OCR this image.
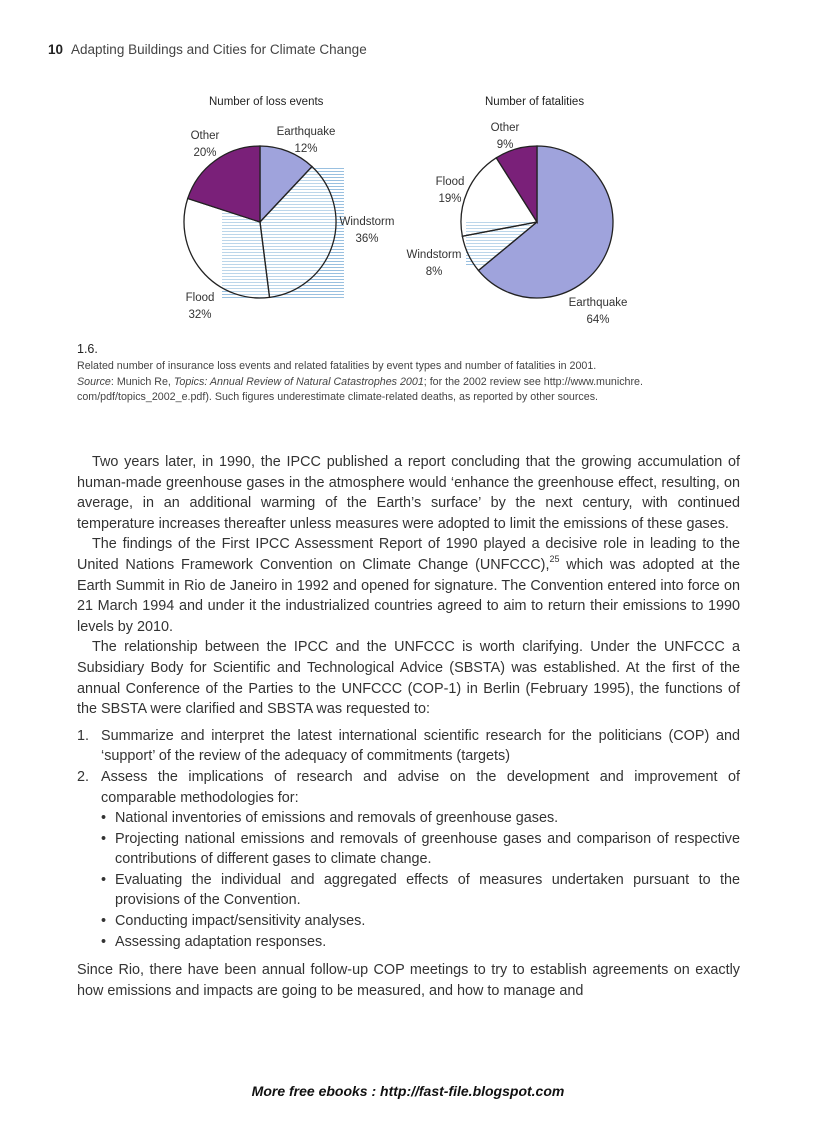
10 Adapting Buildings and Cities for Climate Change
Number of loss events	Number of fatalities
Other
20%
Earthquake
12%
Windstorm
36%
Flood
32%
Other
9%
Flood
19%
Windstorm
8%
Earthquake
64%
1.6.

Related number of insurance loss events and related fatalities by event types and number of fatalities in 2001.

Source: Munich Re, Topics: Annual Review of Natural Catastrophes 2001; for the 2002 review see http://www.munichre. com/pdf/topics_2002_e.pdf). Such figures underestimate climate-related deaths, as reported by other sources.

Two years later, in 1990, the IPCC published a report concluding that the growing accumulation of human-made greenhouse gases in the atmosphere would ‘enhance the greenhouse effect, resulting, on average, in an additional warming of the Earth’s surface’ by the next century, with continued temperature increases thereafter unless measures were adopted to limit the emissions of these gases.

The findings of the First IPCC Assessment Report of 1990 played a decisive role in leading to the United Nations Framework Convention on Climate Change (UNFCCC),$^{25}$ which was adopted at the Earth Summit in Rio de Janeiro in 1992 and opened for signature. The Convention entered into force on 21 March 1994 and under it the industrialized countries agreed to aim to return their emissions to 1990 levels by 2010.

The relationship between the IPCC and the UNFCCC is worth clarifying. Under the UNFCCC a Subsidiary Body for Scientific and Technological Advice (SBSTA) was established. At the first of the annual Conference of the Parties to the UNFCCC (COP-1) in Berlin (February 1995), the functions of the SBSTA were clarified and SBSTA was requested to:

1. Summarize and interpret the latest international scientific research for the politicians (COP) and ‘support’ of the review of the adequacy of commitments (targets)
2. Assess the implications of research and advise on the development and improvement of comparable methodologies for:
• National inventories of emissions and removals of greenhouse gases.
• Projecting national emissions and removals of greenhouse gases and comparison of respective contributions of different gases to climate change.
• Evaluating the individual and aggregated effects of measures undertaken pursuant to the provisions of the Convention.
• Conducting impact/sensitivity analyses.
• Assessing adaptation responses.

Since Rio, there have been annual follow-up COP meetings to try to establish agreements on exactly how emissions and impacts are going to be measured, and how to manage and

More free ebooks : http://fast-file.blogspot.com
